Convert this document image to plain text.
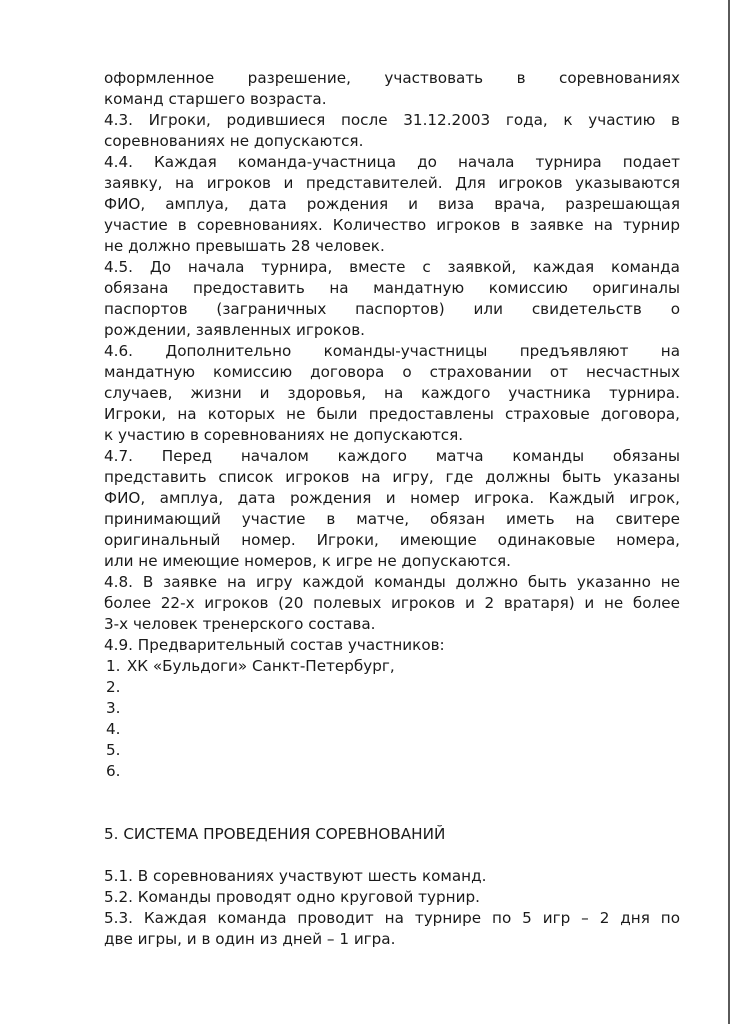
оформленное разрешение, участвовать в соревнованиях

команд старшего возраста.

4.3. Игроки, родившиеся после 31.12.2003 года, к участию в

соревнованиях не допускаются.

4.4. Каждая команда-участница до начала турнира подает

заявку, на игроков и представителей. Для игроков указываются

ФИО, амплуа, дата рождения и виза врача, разрешающая

участие в соревнованиях. Количество игроков в заявке на турнир

не должно превышать 28 человек.

4.5. До начала турнира, вместе с заявкой, каждая команда

обязана предоставить на мандатную комиссию оригиналы

паспортов (заграничных паспортов) или свидетельств о

рождении, заявленных игроков.

4.6. Дополнительно команды-участницы предъявляют на

мандатную комиссию договора о страховании от несчастных

случаев, жизни и здоровья, на каждого участника турнира.

Игроки, на которых не были предоставлены страховые договора,

к участию в соревнованиях не допускаются.

4.7. Перед началом каждого матча команды обязаны

представить список игроков на игру, где должны быть указаны

ФИО, амплуа, дата рождения и номер игрока. Каждый игрок,

принимающий участие в матче, обязан иметь на свитере

оригинальный номер. Игроки, имеющие одинаковые номера,

или не имеющие номеров, к игре не допускаются.

4.8. В заявке на игру каждой команды должно быть указанно не

более 22-х игроков (20 полевых игроков и 2 вратаря) и не более

3-х человек тренерского состава.

4.9. Предварительный состав участников:

1. ХК «Бульдоги» Санкт-Петербург,
2.
3.
4.
5.
6.

5. СИСТЕМА ПРОВЕДЕНИЯ СОРЕВНОВАНИЙ

5.1. В соревнованиях участвуют шесть команд.

5.2. Команды проводят одно круговой турнир.

5.3. Каждая команда проводит на турнире по 5 игр – 2 дня по

две игры, и в один из дней – 1 игра.
